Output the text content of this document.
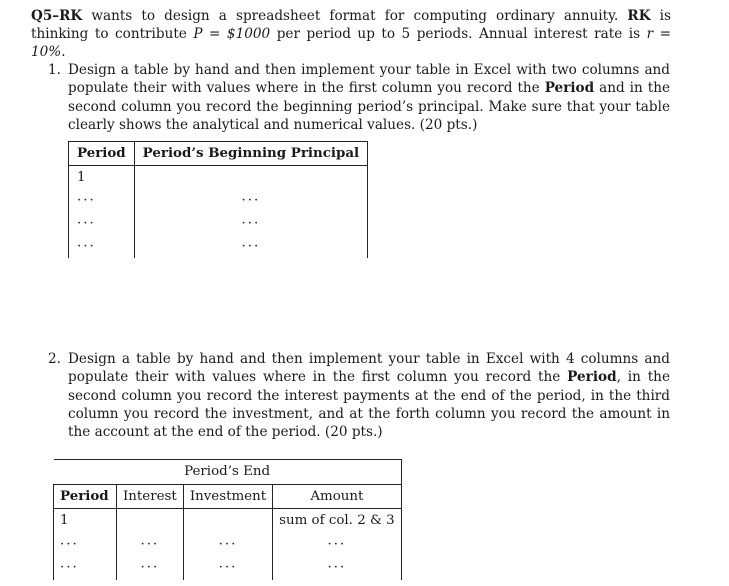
Q5–RK wants to design a spreadsheet format for computing ordinary annuity. RK is thinking to contribute P = $1000 per period up to 5 periods. Annual interest rate is r = 10%.

1. Design a table by hand and then implement your table in Excel with two columns and populate their with values where in the first column you record the Period and in the second column you record the beginning period’s principal. Make sure that your table clearly shows the analytical and numerical values. (20 pts.)
Period	Period’s Beginning Principal
1	
···	···
···	···
···	···
2. Design a table by hand and then implement your table in Excel with 4 columns and populate their with values where in the first column you record the Period, in the second column you record the interest payments at the end of the period, in the third column you record the investment, and at the forth column you record the amount in the account at the end of the period. (20 pts.)
Period’s End			
Period	Interest	Investment	Amount
1			sum of col. 2 & 3
···	···	···	···
···	···	···	···
